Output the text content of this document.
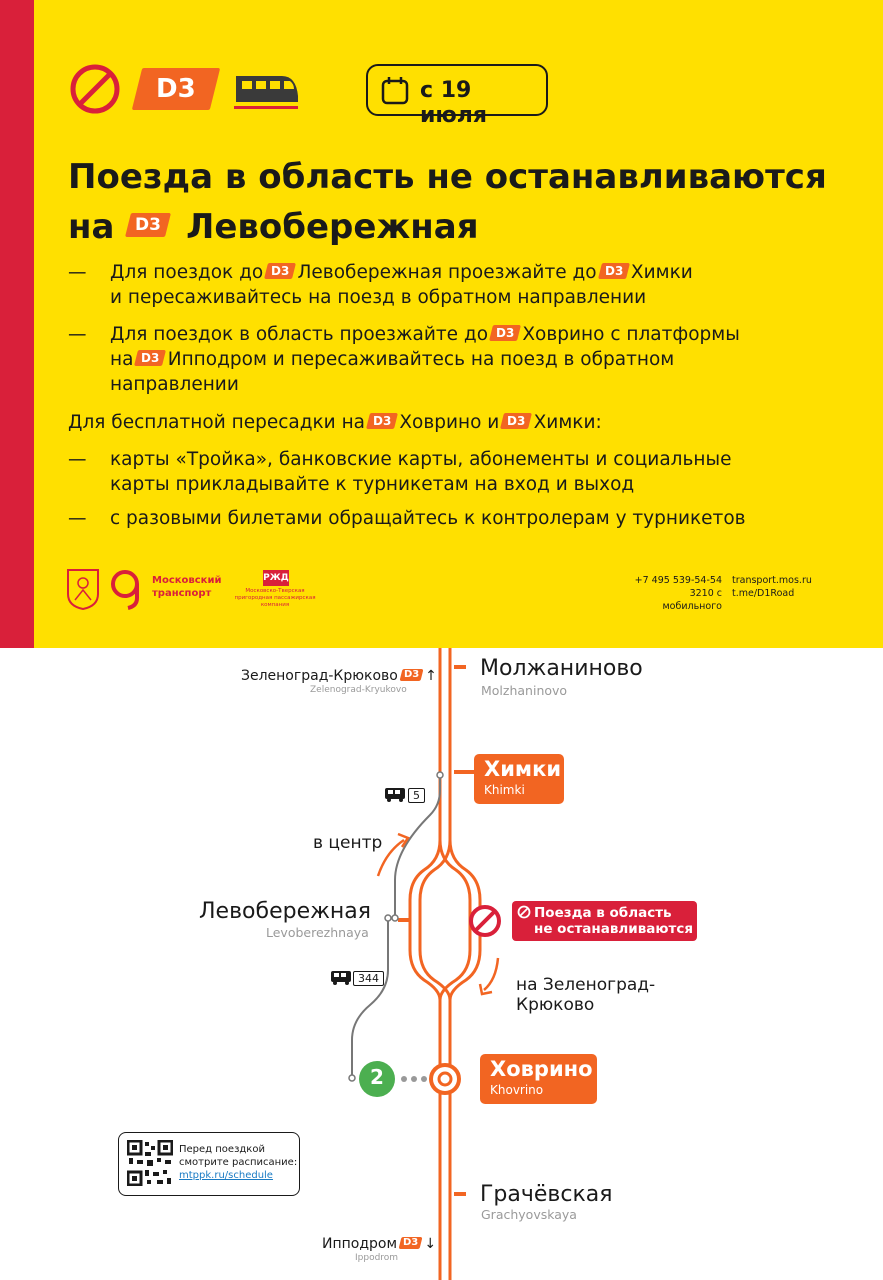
D3	с 19 июля
Поезда в область не останавливаются
на D3 Левобережная
—	Для поездок до D3 Левобережная проезжайте до D3 Химки
и пересаживайтесь на поезд в обратном направлении
—	Для поездок в область проезжайте до D3 Ховрино с платформы
на D3 Ипподром и пересаживайтесь на поезд в обратном
направлении
Для бесплатной пересадки на D3 Ховрино и D3 Химки:
—	карты «Тройка», банковские карты, абонементы и социальные
карты прикладывайте к турникетам на вход и выход
—	с разовыми билетами обращайтесь к контролерам у турникетов
Московский
транспорт
РЖД
Московско-Тверская
пригородная пассажирская
компания
+7 495 539-54-54
3210 с мобильного
transport.mos.ru
t.me/D1Road
2
Зеленоград-Крюково D3 ↑
Zelenograd-Kryukovo
Молжаниново
Molzhaninovo
Химки
Khimki
5
в центр
Левобережная
Levoberezhnaya
Поезда в область
не останавливаются
на Зеленоград-
Крюково
344
Ховрино
Khovrino
Перед поездкой
смотрите расписание:
mtppk.ru/schedule
Грачёвская
Grachyovskaya
Ипподром D3 ↓
Ippodrom
